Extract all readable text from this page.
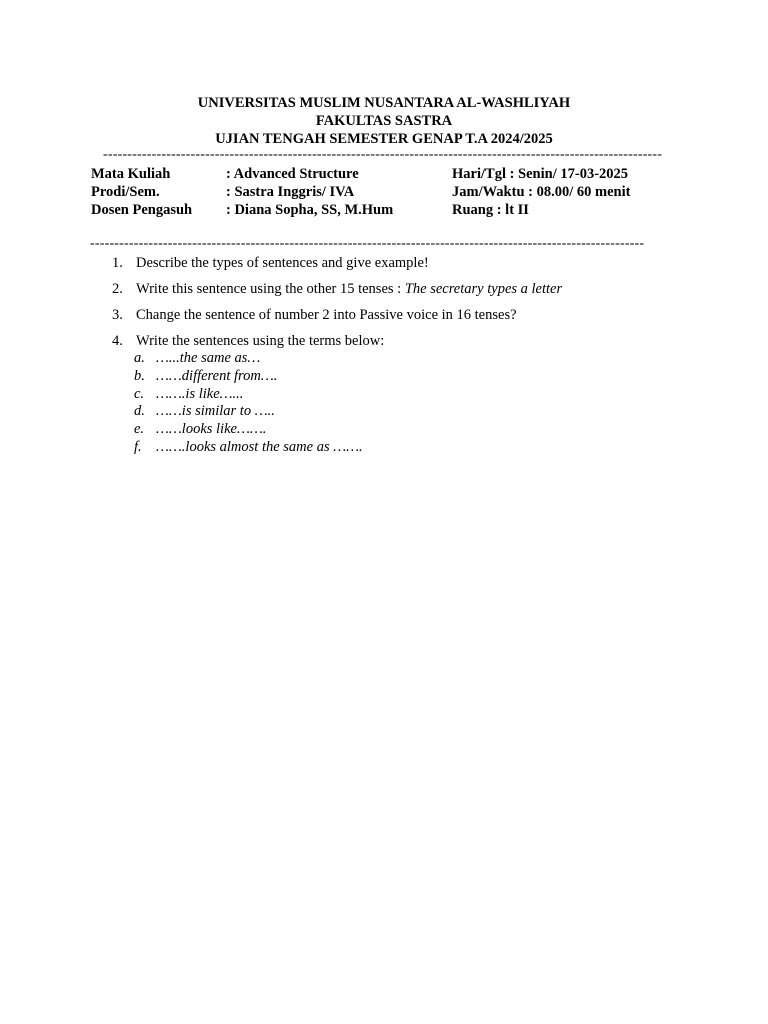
UNIVERSITAS MUSLIM NUSANTARA AL-WASHLIYAH
FAKULTAS SASTRA
UJIAN TENGAH SEMESTER GENAP T.A 2024/2025
-------------------------------------------------------------------------------------------------------------------
Mata Kuliah	: Advanced Structure	Hari/Tgl : Senin/ 17-03-2025
Prodi/Sem.	: Sastra Inggris/ IVA	Jam/Waktu : 08.00/ 60 menit
Dosen Pengasuh : Diana Sopha, SS, M.Hum	Ruang : lt II
------------------------------------------------------------------------------------------------------------------
1. Describe the types of sentences and give example!
2. Write this sentence using the other 15 tenses : The secretary types a letter
3. Change the sentence of number 2 into Passive voice in 16 tenses?
4. Write the sentences using the terms below:
a. …...the same as…
b. ……different from….
c. …….is like…...
d. ……is similar to …..
e. ……looks like…….
f. …….looks almost the same as …….
